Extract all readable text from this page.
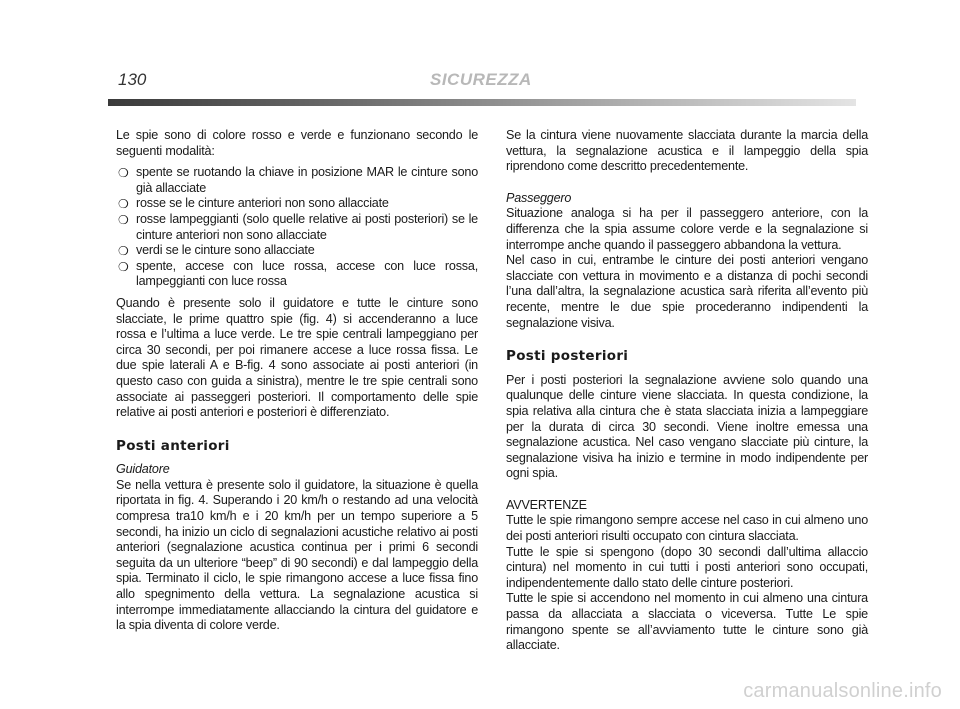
130	SICUREZZA

Le spie sono di colore rosso e verde e funzionano secondo le seguenti modalità:

❍ spente se ruotando la chiave in posizione MAR le cinture sono già allacciate
❍ rosse se le cinture anteriori non sono allacciate
❍ rosse lampeggianti (solo quelle relative ai posti posteriori) se le cinture anteriori non sono allacciate
❍ verdi se le cinture sono allacciate
❍ spente, accese con luce rossa, accese con luce rossa, lampeggianti con luce rossa

Quando è presente solo il guidatore e tutte le cinture sono slacciate, le prime quattro spie (fig. 4) si accenderanno a luce rossa e l’ultima a luce verde. Le tre spie centrali lampeggiano per circa 30 secondi, per poi rimanere accese a luce rossa fissa. Le due spie laterali A e B-fig. 4 sono associate ai posti anteriori (in questo caso con guida a sinistra), mentre le tre spie centrali sono associate ai passeggeri posteriori. Il comportamento delle spie relative ai posti anteriori e posteriori è differenziato.

Posti anteriori
Guidatore

Se nella vettura è presente solo il guidatore, la situazione è quella riportata in fig. 4. Superando i 20 km/h o restando ad una velocità compresa tra10 km/h e i 20 km/h per un tempo superiore a 5 secondi, ha inizio un ciclo di segnalazioni acustiche relativo ai posti anteriori (segnalazione acustica continua per i primi 6 secondi seguita da un ulteriore “beep” di 90 secondi) e dal lampeggio della spia. Terminato il ciclo, le spie rimangono accese a luce fissa fino allo spegnimento della vettura. La segnalazione acustica si interrompe immediatamente allacciando la cintura del guidatore e la spia diventa di colore verde.

Se la cintura viene nuovamente slacciata durante la marcia della vettura, la segnalazione acustica e il lampeggio della spia riprendono come descritto precedentemente.

Passeggero

Situazione analoga si ha per il passeggero anteriore, con la differenza che la spia assume colore verde e la segnalazione si interrompe anche quando il passeggero abbandona la vettura.

Nel caso in cui, entrambe le cinture dei posti anteriori vengano slacciate con vettura in movimento e a distanza di pochi secondi l’una dall’altra, la segnalazione acustica sarà riferita all’evento più recente, mentre le due spie procederanno indipendenti la segnalazione visiva.

Posti posteriori

Per i posti posteriori la segnalazione avviene solo quando una qualunque delle cinture viene slacciata. In questa condizione, la spia relativa alla cintura che è stata slacciata inizia a lampeggiare per la durata di circa 30 secondi. Viene inoltre emessa una segnalazione acustica. Nel caso vengano slacciate più cinture, la segnalazione visiva ha inizio e termine in modo indipendente per ogni spia.

AVVERTENZE

Tutte le spie rimangono sempre accese nel caso in cui almeno uno dei posti anteriori risulti occupato con cintura slacciata.

Tutte le spie si spengono (dopo 30 secondi dall’ultima allaccio cintura) nel momento in cui tutti i posti anteriori sono occupati, indipendentemente dallo stato delle cinture posteriori.

Tutte le spie si accendono nel momento in cui almeno una cintura passa da allacciata a slacciata o viceversa. Tutte Le spie rimangono spente se all’avviamento tutte le cinture sono già allacciate.

carmanualsonline.info
